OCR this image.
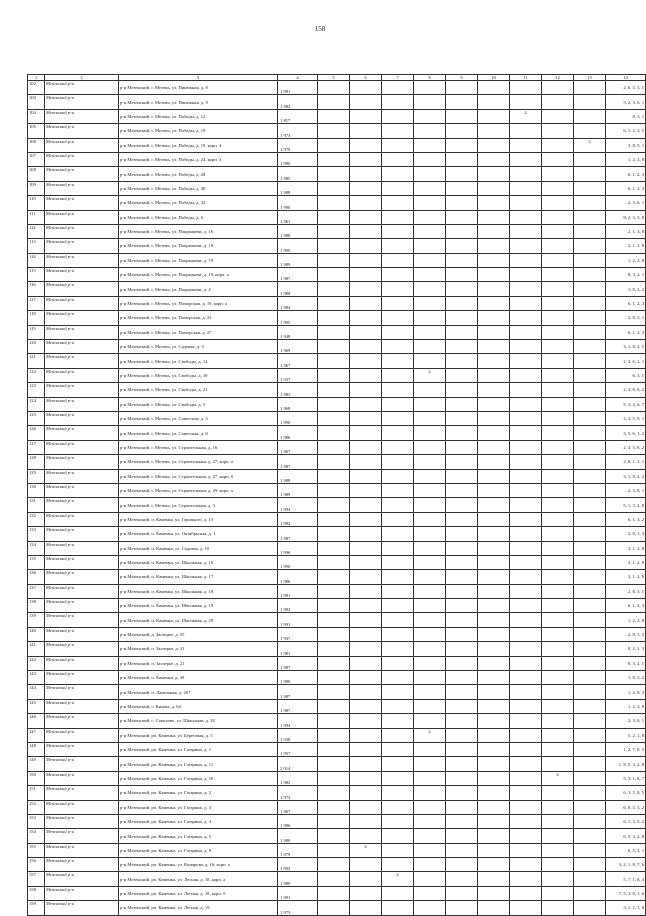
158
1	2	3	4	5	6	7	8	9	10	11	12	13	14
102	Мезенский р-н	р-н Мезенский, г. Мезень, ул. Пинежная, д. 8	1 991										2, 6, 5, 3, 1
103	Мезенский р-н	р-н Мезенский, г. Мезень, ул. Пинежная, д. 9	1 982										5, 2, 3, 6, 1
104	Мезенский р-н	р-н Мезенский, г. Мезень, ул. Победы, д. 12	1 817							2			8, 3, 1
105	Мезенский р-н	р-н Мезенский, г. Мезень, ул. Победы, д. 19	1 973										6, 1, 2, 3, 5
106	Мезенский р-н	р-н Мезенский, г. Мезень, ул. Победы, д. 19, корп. 4	1 979									2	3, 8, 5, 1
107	Мезенский р-н	р-н Мезенский, г. Мезень, ул. Победы, д. 24, корп. 3	1 990										1, 2, 3, 8
108	Мезенский р-н	р-н Мезенский, г. Мезень, ул. Победы, д. 28	1 985										6, 1, 2, 3
109	Мезенский р-н	р-н Мезенский, г. Мезень, ул. Победы, д. 30	1 988										6, 1, 2, 3
110	Мезенский р-н	р-н Мезенский, г. Мезень, ул. Победы, д. 32	1 990										2, 3, 6, 1
111	Мезенский р-н	р-н Мезенский, г. Мезень, ул. Победы, д. 6	1 961										8, 2, 3, 5, 8
112	Мезенский р-н	р-н Мезенский, г. Мезень, ул. Покрышева, д. 16	1 988										2, 1, 3, 8
113	Мезенский р-н	р-н Мезенский, г. Мезень, ул. Покрышева, д. 18	1 990										2, 1, 3, 8
114	Мезенский р-н	р-н Мезенский, г. Мезень, ул. Покрышева, д. 19	1 989										1, 2, 3, 8
115	Мезенский р-н	р-н Мезенский, г. Мезень, ул. Покрышева, д. 19, корп. а	1 987										8, 3, 2, 1
116	Мезенский р-н	р-н Мезенский, г. Мезень, ул. Покрышева, д. 4	1 988										1, 8, 3, 2
117	Мезенский р-н	р-н Мезенский, г. Мезень, ул. Поморская, д. 19, корп. а	1 984										6, 1, 2, 3
118	Мезенский р-н	р-н Мезенский, г. Мезень, ул. Поморская, д. 22	1 995										2, 8, 3, 1
119	Мезенский р-н	р-н Мезенский, г. Мезень, ул. Поморская, д. 27	1 948										6, 1, 2, 3
120	Мезенский р-н	р-н Мезенский, г. Мезень, ул. Садовая, д. 3	1 969										3, 1, 8, 2, 5
121	Мезенский р-н	р-н Мезенский, г. Мезень, ул. Свободы, д. 14	1 967										2, 3, 6, 2, 1
122	Мезенский р-н	р-н Мезенский, г. Мезень, ул. Свободы, д. 19	1 937				2						6, 3, 1
123	Мезенский р-н	р-н Мезенский, г. Мезень, ул. Свободы, д. 21	1 983										2, 3, 8, 6, 2
124	Мезенский р-н	р-н Мезенский, г. Мезень, ул. Свободы, д. 5	1 968										5, 3, 2, 6, 7
125	Мезенский р-н	р-н Мезенский, г. Мезень, ул. Советская, д. 3	1 990										2, 3, 5, 9, 1
126	Мезенский р-н	р-н Мезенский, г. Мезень, ул. Советская, д. 8	1 986										3, 5, 6, 1, 2
127	Мезенский р-н	р-н Мезенский, г. Мезень, ул. Строительная, д. 16	1 967										2, 3, 5, 8, 2
128	Мезенский р-н	р-н Мезенский, г. Мезень, ул. Строительная, д. 27, корп. а	1 987										2, 8, 1, 3, 1
129	Мезенский р-н	р-н Мезенский, г. Мезень, ул. Строительная, д. 27, корп. б	1 988										3, 1, 8, 2, 2
130	Мезенский р-н	р-н Мезенский, г. Мезень, ул. Строительная, д. 29, корп. а	1 989										2, 3, 8, 1
131	Мезенский р-н	р-н Мезенский, г. Мезень, ул. Строительная, д. 3	1 994										5, 1, 3, 2, 8
132	Мезенский р-н	р-н Мезенский, п. Каменка, ул. Гороцкого, д. 15	1 992										6, 1, 3, 2
133	Мезенский р-н	р-н Мезенский, п. Каменка, ул. Октябрьская, д. 1	1 987										2, 8, 1, 3
134	Мезенский р-н	р-н Мезенский, п. Каменка, ул. Садовая, д. 10	1 996										3, 1, 2, 8
135	Мезенский р-н	р-н Мезенский, п. Каменка, ул. Школьная, д. 16	1 990										3, 1, 2, 8
136	Мезенский р-н	р-н Мезенский, п. Каменка, ул. Школьная, д. 17	1 986										3, 1, 2, 8
137	Мезенский р-н	р-н Мезенский, п. Каменка, ул. Школьная, д. 18	1 991										2, 8, 3, 1
138	Мезенский р-н	р-н Мезенский, п. Каменка, ул. Школьная, д. 19	1 982										6, 1, 2, 3
139	Мезенский р-н	р-н Мезенский, п. Каменка, ул. Школьная, д. 29	1 991										1, 2, 3, 8
140	Мезенский р-н	р-н Мезенский, д. Заозерье, д. 55	1 937										2, 8, 1, 3
141	Мезенский р-н	р-н Мезенский, п. Заозерье, д. 21	1 981										8, 2, 1, 3
142	Мезенский р-н	р-н Мезенский, п. Заозерье, д. 21	1 987										8, 3, 2, 1
143	Мезенский р-н	р-н Мезенский, п. Каменка, д. 49	1 980										1, 8, 3, 2
144	Мезенский р-н	р-н Мезенский, п. Лампожня, д. 207	1 987										1, 2, 8, 3
145	Мезенский р-н	р-н Мезенский, с. Кимжа, д. 64	1 987										1, 2, 3, 8
146	Мезенский р-н	р-н Мезенский, с. Соколово, ул. Школьная, д. 18	1 994										2, 3, 6, 1
147	Мезенский р-н	р-н Мезенский, рп. Каменка, ул. Береговая, д. 5	1 938				2						5, 2, 1, 8
148	Мезенский р-н	р-н Мезенский, рп. Каменка, ул. Гагарина, д. 1	1 957										1, 2, 7, 8, 5
149	Мезенский р-н	р-н Мезенский, рп. Каменка, ул. Гагарина, д. 11	2 014										1, 8, 5, 3, 2, 8
150	Мезенский р-н	р-н Мезенский, рп. Каменка, ул. Гагарина, д. 18	1 982								2		5, 3, 1, 8, 7
151	Мезенский р-н	р-н Мезенский, рп. Каменка, ул. Гагарина, д. 2	1 973										6, 3, 5, 8, 5
152	Мезенский р-н	р-н Мезенский, рп. Каменка, ул. Гагарина, д. 3	1 967										6, 8, 5, 3, 2
153	Мезенский р-н	р-н Мезенский, рп. Каменка, ул. Гагарина, д. 4	1 986										6, 1, 3, 5, 2
154	Мезенский р-н	р-н Мезенский, рп. Каменка, ул. Гагарина, д. 5	1 980										6, 5, 3, 2, 8
155	Мезенский р-н	р-н Мезенский, рп. Каменка, ул. Гагарина, д. 9	1 979		2								6, 5, 3, 1
156	Мезенский р-н	р-н Мезенский, рп. Каменка, ул. Комарова, д. 16, корп. а	1 992										3, 2, 1, 8, 7, 6
157	Мезенский р-н	р-н Мезенский, рп. Каменка, ул. Лесная, д. 18, корп. а	1 989			2							5, 7, 1, 8, 3
158	Мезенский р-н	р-н Мезенский, рп. Каменка, ул. Лесная, д. 18, корп. б	1 991										7, 5, 3, 8, 1, 6
159	Мезенский р-н	р-н Мезенский, рп. Каменка, ул. Лесная, д. 19	1 973										3, 1, 2, 5, 8
